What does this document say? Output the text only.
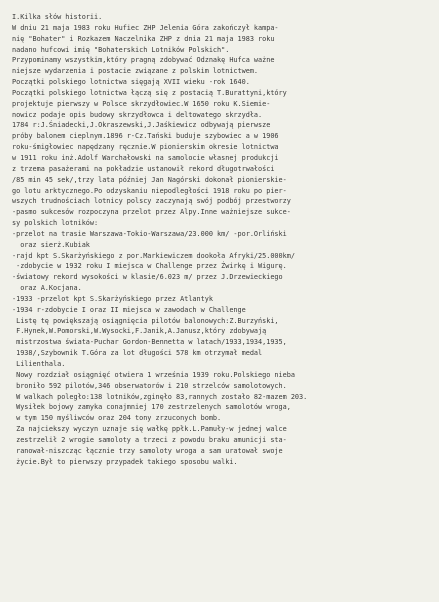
I.Kilka słów historii.
W dniu 21 maja 1983 roku Hufiec ZHP Jelenia Góra zakończył kampa-
nię "Bohater" i Rozkazem Naczelnika ZHP z dnia 21 maja 1983 roku
nadano hufcowi imię "Bohaterskich Lotników Polskich".
Przypominamy wszystkim,który pragną zdobywać Odznakę Hufca ważne
niejsze wydarzenia i postacie związane z polskim lotnictwem.
Początki polskiego lotnictwa sięgają XVII wieku -rok 1640.
Początki polskiego lotnictwa łączą się z postacią T.Burattyni,który
projektuje pierwszy w Polsce skrzydłowiec.W 1650 roku K.Siemie-
nowicz podaje opis budowy skrzydłowca i deltowatego skrzydła.
1784 r:J.Śniadecki,J.Okraszewski,J.Jaśkiewicz odbywają pierwsze
próby balonem cieplnym.1896 r-Cz.Tański buduje szybowiec a w 1906
roku-śmigłowiec napędzany ręcznie.W pionierskim okresie lotnictwa
w 1911 roku inż.Adolf Warchałowski na samolocie własnej produkcji
z trzema pasażerami na pokładzie ustanowił rekord długotrwałości
/85 min 45 sek/,trzy lata później Jan Nagórski dokonał pionierskie-
go lotu arktycznego.Po odzyskaniu niepodległości 1918 roku po pier-
wszych trudnościach lotnicy polscy zaczynają swój podbój przestworzy
-pasmo sukcesów rozpoczyna przelot przez Alpy.Inne ważniejsze sukce-
sy polskich lotników:
-przelot na trasie Warszawa-Tokio-Warszawa/23.000 km/ -por.Orliński
oraz sierż.Kubiak
-rajd kpt S.Skarżyńskiego z por.Markiewiczem dookoła Afryki/25.000km/
-zdobycie w 1932 roku I miejsca w Challenge przez Żwirkę i Wigurę.
-światowy rekord wysokości w klasie/6.023 m/ przez J.Drzewieckiego
oraz A.Kocjana.
-1933 -przelot kpt S.Skarżyńskiego przez Atlantyk
-1934 r-zdobycie I oraz II miejsca w zawodach w Challenge
Listę tę powiększają osiągnięcia pilotów balonowych:Z.Burzyński,
F.Hynek,W.Pomorski,W.Wysocki,F.Janik,A.Janusz,który zdobywają
mistrzostwa świata-Puchar Gordon-Bennetta w latach/1933,1934,1935,
1938/,Szybownik T.Góra za lot długości 578 km otrzymał medal
Lilienthala.
Nowy rozdział osiągnięć otwiera 1 września 1939 roku.Polskiego nieba
broniło 592 pilotów,346 obserwatorów i 210 strzelców samolotowych.
W walkach poległo:138 lotników,zginęło 83,rannych zostało 82-mazem 203.
Wysiłek bojowy zamyka conajmniej 170 zestrzelenych samolotów wroga,
w tym 150 myśliwców oraz 204 tony zrzuconych bomb.
Za najciekszy wyczyn uznaje się wałkę ppłk.L.Pamuły-w jednej walce
zestrzelił 2 wrogie samoloty a trzeci z powodu braku amunicji sta-
ranował-niszcząc łącznie trzy samoloty wroga a sam uratował swoje
życie.Był to pierwszy przypadek takiego sposobu walki.
